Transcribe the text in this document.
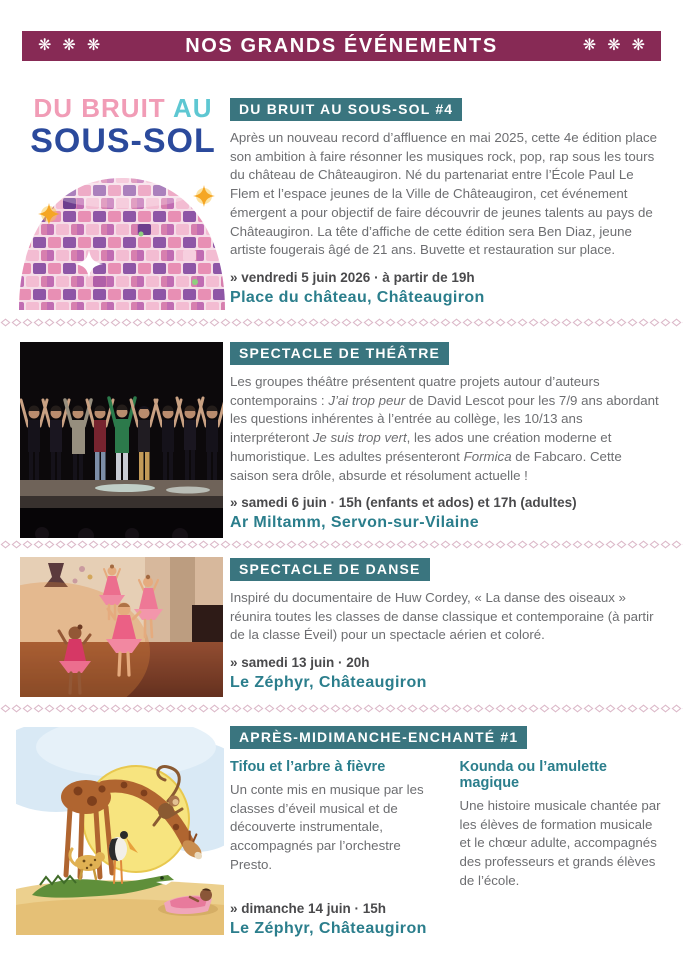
❋ ❋ ❋	NOS GRANDS ÉVÉNEMENTS	❋ ❋ ❋
DU BRUIT AU
SOUS-SOL
DU BRUIT AU SOUS-SOL #4

Après un nouveau record d’affluence en mai 2025, cette 4e édition place son ambition à faire résonner les musiques rock, pop, rap sous les tours du château de Châteaugiron. Né du partenariat entre l’École Paul Le Flem et l’espace jeunes de la Ville de Châteaugiron, cet événement émergent a pour objectif de faire découvrir de jeunes talents au pays de Châteaugiron. La tête d’affiche de cette édition sera Ben Diaz, jeune artiste fougerais âgé de 21 ans. Buvette et restauration sur place.

» vendredi 5 juin 2026 · à partir de 19h
Place du château, Châteaugiron
SPECTACLE DE THÉÂTRE

Les groupes théâtre présentent quatre projets autour d’auteurs contemporains : J’ai trop peur de David Lescot pour les 7/9 ans abordant les questions inhérentes à l’entrée au collège, les 10/13 ans interpréteront Je suis trop vert, les ados une création moderne et humoristique. Les adultes présenteront Formica de Fabcaro. Cette saison sera drôle, absurde et résolument actuelle !

» samedi 6 juin · 15h (enfants et ados) et 17h (adultes)
Ar Miltamm, Servon-sur-Vilaine
SPECTACLE DE DANSE

Inspiré du documentaire de Huw Cordey, « La danse des oiseaux » réunira toutes les classes de danse classique et contemporaine (à partir de la classe Éveil) pour un spectacle aérien et coloré.

» samedi 13 juin · 20h
Le Zéphyr, Châteaugiron
APRÈS-MIDIMANCHE-ENCHANTÉ #1
Tifou et l’arbre à fièvre

Un conte mis en musique par les classes d’éveil musical et de découverte instrumentale, accompagnés par l’orchestre Presto.

Kounda ou l’amulette magique

Une histoire musicale chantée par les élèves de formation musicale et le chœur adulte, accompagnés des professeurs et grands élèves de l’école.

» dimanche 14 juin · 15h
Le Zéphyr, Châteaugiron
